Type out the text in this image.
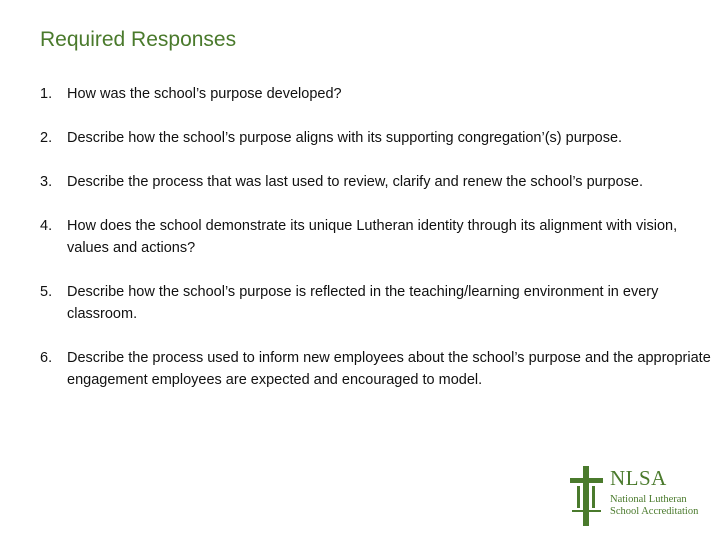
Required Responses
1. How was the school’s purpose developed?
2. Describe how the school’s purpose aligns with its supporting congregation’(s) purpose.
3. Describe the process that was last used to review, clarify and renew the school’s purpose.
4. How does the school demonstrate its unique Lutheran identity through its alignment with vision, values and actions?
5. Describe how the school’s purpose is reflected in the teaching/learning environment in every classroom.
6. Describe the process used to inform new employees about the school’s purpose and the appropriate engagement employees are expected and encouraged to model.
NLSA
National Lutheran
School Accreditation
